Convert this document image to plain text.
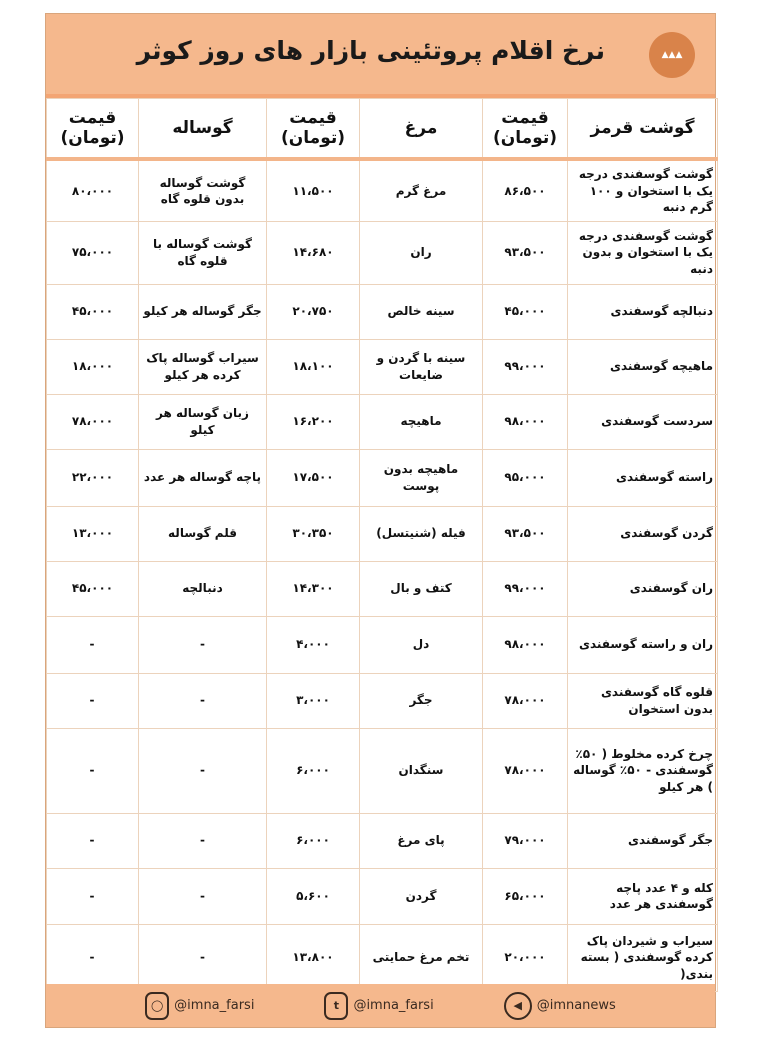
▲▲▲
نرخ اقلام پروتئینی بازار های روز کوثر
گوشت قرمز	قیمت (تومان)	مرغ	قیمت (تومان)	گوساله	قیمت (تومان)
گوشت گوسفندی درجه یک با استخوان و ۱۰۰ گرم دنبه	۸۶،۵۰۰	مرغ گرم	۱۱،۵۰۰	گوشت گوساله بدون قلوه گاه	۸۰،۰۰۰
گوشت گوسفندی درجه یک با استخوان و بدون دنبه	۹۳،۵۰۰	ران	۱۴،۶۸۰	گوشت گوساله با قلوه گاه	۷۵،۰۰۰
دنبالچه گوسفندی	۴۵،۰۰۰	سینه خالص	۲۰،۷۵۰	جگر گوساله هر کیلو	۴۵،۰۰۰
ماهیچه گوسفندی	۹۹،۰۰۰	سینه با گردن و ضایعات	۱۸،۱۰۰	سیراب گوساله پاک کرده هر کیلو	۱۸،۰۰۰
سردست گوسفندی	۹۸،۰۰۰	ماهیچه	۱۶،۲۰۰	زبان گوساله هر کیلو	۷۸،۰۰۰
راسته گوسفندی	۹۵،۰۰۰	ماهیچه بدون پوست	۱۷،۵۰۰	پاچه گوساله هر عدد	۲۲،۰۰۰
گردن گوسفندی	۹۳،۵۰۰	فیله (شنیتسل)	۳۰،۳۵۰	قلم گوساله	۱۳،۰۰۰
ران گوسفندی	۹۹،۰۰۰	کتف و بال	۱۴،۳۰۰	دنبالچه	۴۵،۰۰۰
ران و راسته گوسفندی	۹۸،۰۰۰	دل	۴،۰۰۰	-	-
قلوه گاه گوسفندی بدون استخوان	۷۸،۰۰۰	جگر	۳،۰۰۰	-	-
چرخ کرده مخلوط ( ۵۰٪ گوسفندی - ۵۰٪ گوساله ) هر کیلو	۷۸،۰۰۰	سنگدان	۶،۰۰۰	-	-
جگر گوسفندی	۷۹،۰۰۰	پای مرغ	۶،۰۰۰	-	-
کله و ۴ عدد پاچه گوسفندی هر عدد	۶۵،۰۰۰	گردن	۵،۶۰۰	-	-
سیراب و شیردان پاک کرده گوسفندی ( بسته بندی(	۲۰،۰۰۰	تخم مرغ حمایتی	۱۳،۸۰۰	-	-
◯ @imna_farsi	t	@imna_farsi	◀	@imnanews
